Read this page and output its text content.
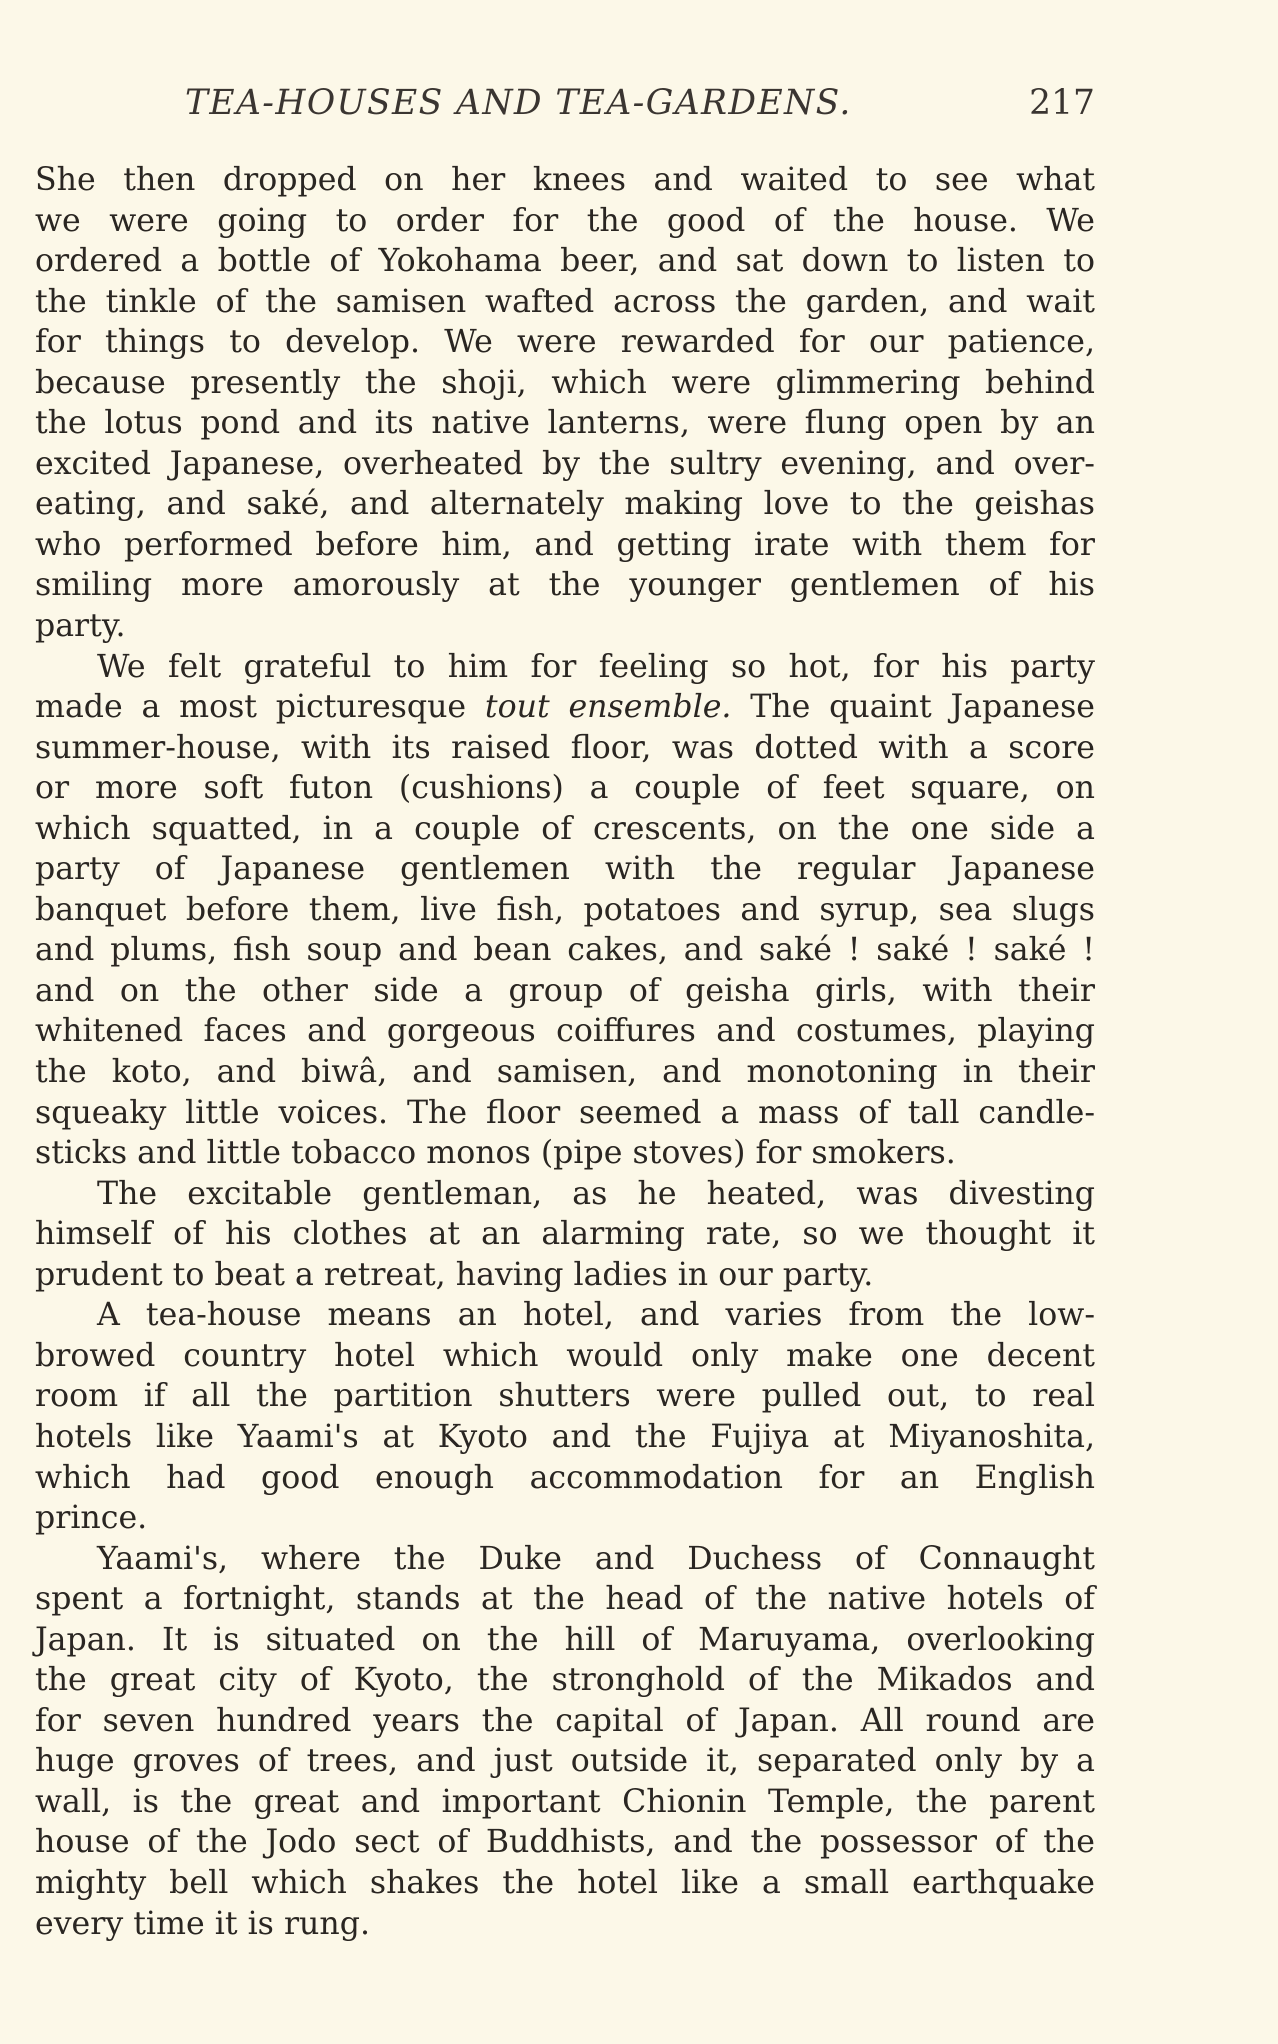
TEA-HOUSES AND TEA-GARDENS.	217
She then dropped on her knees and waited to see what
we were going to order for the good of the house. We
ordered a bottle of Yokohama beer, and sat down to listen to
the tinkle of the samisen wafted across the garden, and wait
for things to develop. We were rewarded for our patience,
because presently the shoji, which were glimmering behind
the lotus pond and its native lanterns, were flung open by an
excited Japanese, overheated by the sultry evening, and over-
eating, and saké, and alternately making love to the geishas
who performed before him, and getting irate with them for
smiling more amorously at the younger gentlemen of his
party.
We felt grateful to him for feeling so hot, for his party
made a most picturesque tout ensemble. The quaint Japanese
summer-house, with its raised floor, was dotted with a score
or more soft futon (cushions) a couple of feet square, on
which squatted, in a couple of crescents, on the one side a
party of Japanese gentlemen with the regular Japanese
banquet before them, live fish, potatoes and syrup, sea slugs
and plums, fish soup and bean cakes, and saké ! saké ! saké !
and on the other side a group of geisha girls, with their
whitened faces and gorgeous coiffures and costumes, playing
the koto, and biwâ, and samisen, and monotoning in their
squeaky little voices. The floor seemed a mass of tall candle-
sticks and little tobacco monos (pipe stoves) for smokers.
The excitable gentleman, as he heated, was divesting
himself of his clothes at an alarming rate, so we thought it
prudent to beat a retreat, having ladies in our party.
A tea-house means an hotel, and varies from the low-
browed country hotel which would only make one decent
room if all the partition shutters were pulled out, to real
hotels like Yaami's at Kyoto and the Fujiya at Miyanoshita,
which had good enough accommodation for an English
prince.
Yaami's, where the Duke and Duchess of Connaught
spent a fortnight, stands at the head of the native hotels of
Japan. It is situated on the hill of Maruyama, overlooking
the great city of Kyoto, the stronghold of the Mikados and
for seven hundred years the capital of Japan. All round are
huge groves of trees, and just outside it, separated only by a
wall, is the great and important Chionin Temple, the parent
house of the Jodo sect of Buddhists, and the possessor of the
mighty bell which shakes the hotel like a small earthquake
every time it is rung.
